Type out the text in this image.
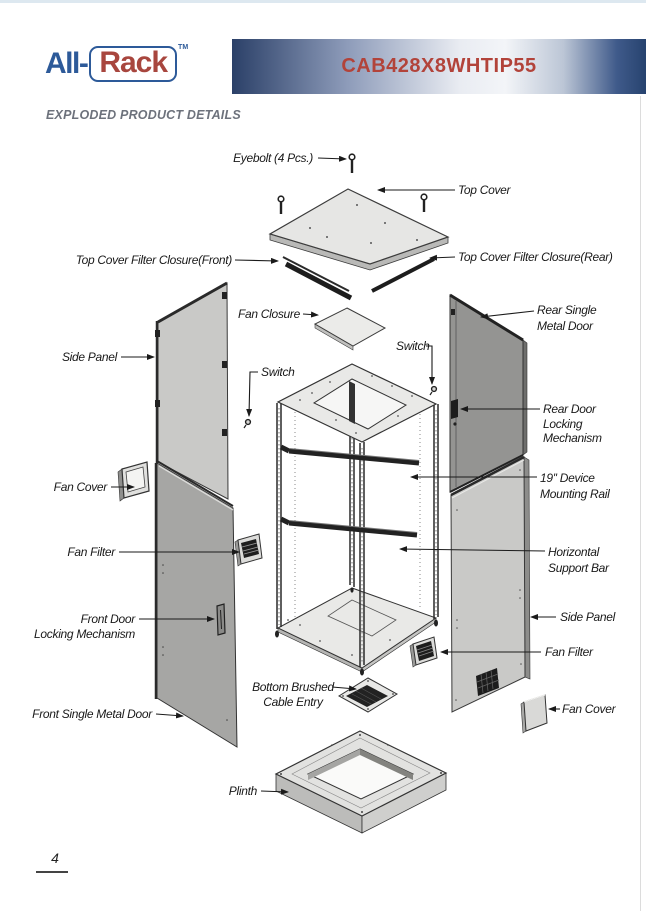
All- Rack	TM
CAB428X8WHTIP55
EXPLODED PRODUCT DETAILS
Eyebolt (4 Pcs.)
Top Cover
Top Cover Filter Closure(Front)	Top Cover Filter Closure(Rear)
Fan Closure	Rear Single
Metal Door
Switch
Switch
Side Panel
Rear Door
Locking
Mechanism
Fan Cover
19'' Device
Mounting Rail
Fan Filter	Horizontal
Support Bar
Front Door
Locking Mechanism
Side Panel
Fan Filter
Front Single Metal Door
Bottom Brushed
Cable Entry	Fan Cover
Plinth
4
